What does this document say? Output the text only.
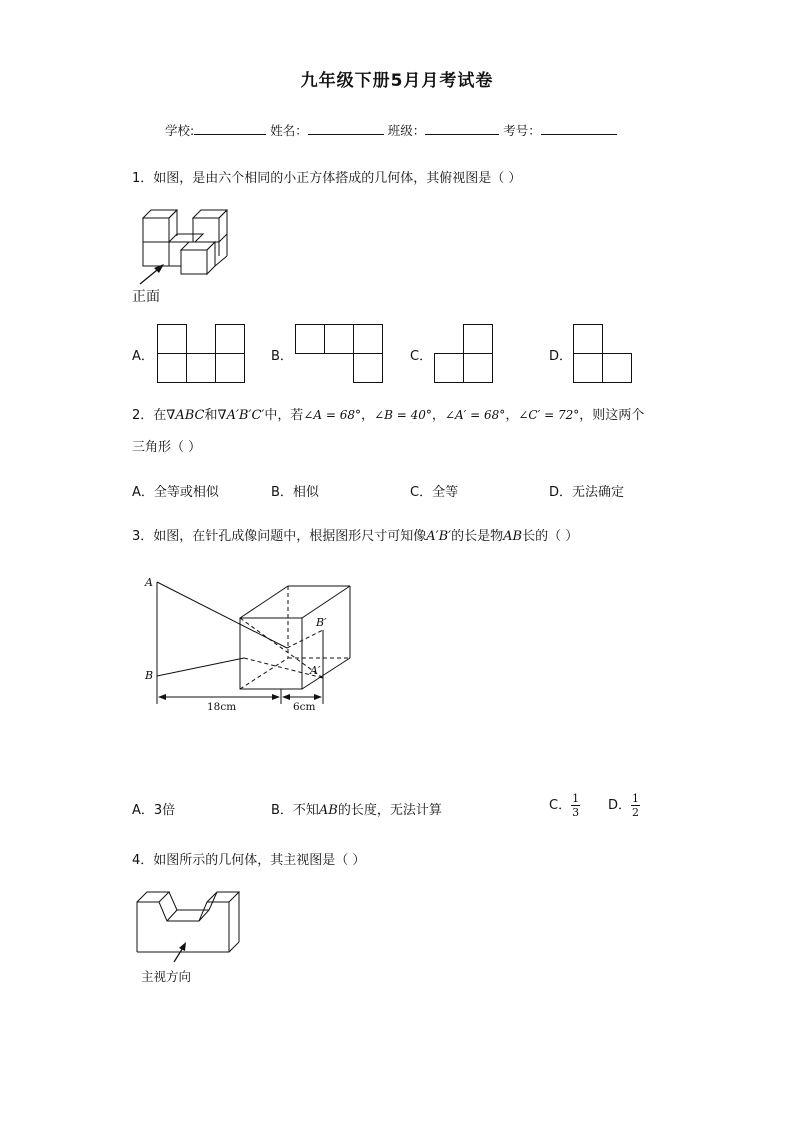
九年级下册5月月考试卷
学校:	姓名：	班级：	考号：
1．如图，是由六个相同的小正方体搭成的几何体，其俯视图是（ ）
正面
A．	B．	C．	D．
2．在∇ABC和∇A′B′C′中，若∠A = 68°，∠B = 40°，∠A′ = 68°，∠C′ = 72°，则这两个
三角形（ ）
A．全等或相似	B．相似	C．全等	D．无法确定
3．如图，在针孔成像问题中，根据图形尺寸可知像A′B′的长是物AB长的（ ）
A
B
B′
A′
18cm	6cm
A．3倍	B．不知AB的长度，无法计算	C． $\frac{1}{3}$ D． $\frac{1}{2}$
4．如图所示的几何体，其主视图是（ ）
主视方向
